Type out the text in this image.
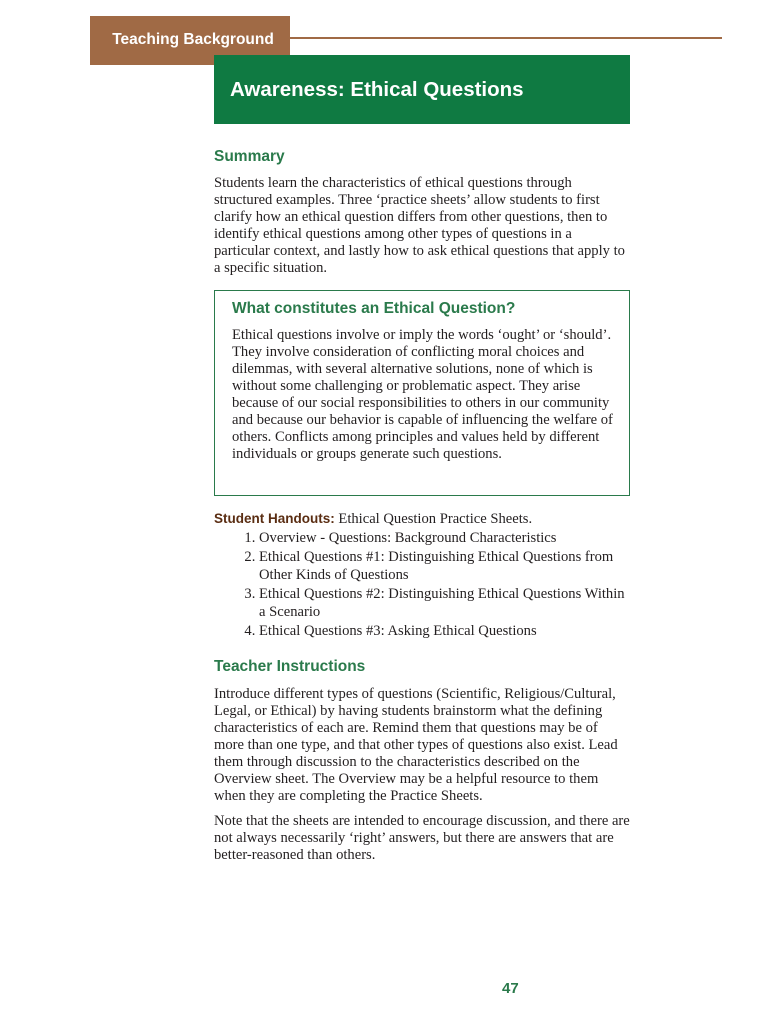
Teaching Background
Awareness: Ethical Questions
Summary

Students learn the characteristics of ethical questions through structured examples. Three ‘practice sheets’ allow students to first clarify how an ethical question differs from other questions, then to identify ethical questions among other types of questions in a particular context, and lastly how to ask ethical questions that apply to a specific situation.

What constitutes an Ethical Question?

Ethical questions involve or imply the words ‘ought’ or ‘should’. They involve consideration of conflicting moral choices and dilemmas, with several alternative solutions, none of which is without some challenging or problematic aspect. They arise because of our social responsibilities to others in our community and because our behavior is capable of influencing the welfare of others. Conflicts among principles and values held by different individuals or groups generate such questions.

Student Handouts: Ethical Question Practice Sheets.
1. Overview - Questions: Background Characteristics
2. Ethical Questions #1: Distinguishing Ethical Questions from Other Kinds of Questions
3. Ethical Questions #2: Distinguishing Ethical Questions Within a Scenario
4. Ethical Questions #3: Asking Ethical Questions
Teacher Instructions

Introduce different types of questions (Scientific, Religious/Cultural, Legal, or Ethical) by having students brainstorm what the defining characteristics of each are. Remind them that questions may be of more than one type, and that other types of questions also exist. Lead them through discussion to the characteristics described on the Overview sheet. The Overview may be a helpful resource to them when they are completing the Practice Sheets.

Note that the sheets are intended to encourage discussion, and there are not always necessarily ‘right’ answers, but there are answers that are better-reasoned than others.

47
